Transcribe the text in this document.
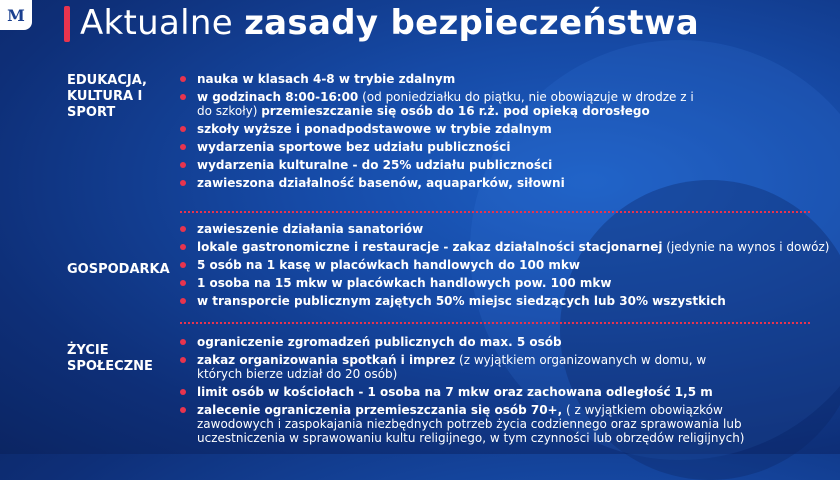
M Aktualne zasady bezpieczeństwa
EDUKACJA, KULTURA I SPORT
nauka w klasach 4-8 w trybie zdalnym
w godzinach 8:00-16:00 (od poniedziałku do piątku, nie obowiązuje w drodze z i do szkoły) przemieszczanie się osób do 16 r.ż. pod opieką dorosłego
szkoły wyższe i ponadpodstawowe w trybie zdalnym
wydarzenia sportowe bez udziału publiczności
wydarzenia kulturalne - do 25% udziału publiczności
zawieszona działalność basenów, aquaparków, siłowni
GOSPODARKA
zawieszenie działania sanatoriów
lokale gastronomiczne i restauracje - zakaz działalności stacjonarnej (jedynie na wynos i dowóz)
5 osób na 1 kasę w placówkach handlowych do 100 mkw
1 osoba na 15 mkw w placówkach handlowych pow. 100 mkw
w transporcie publicznym zajętych 50% miejsc siedzących lub 30% wszystkich
ŻYCIE SPOŁECZNE
ograniczenie zgromadzeń publicznych do max. 5 osób
zakaz organizowania spotkań i imprez (z wyjątkiem organizowanych w domu, w których bierze udział do 20 osób)
limit osób w kościołach - 1 osoba na 7 mkw oraz zachowana odległość 1,5 m
zalecenie ograniczenia przemieszczania się osób 70+, ( z wyjątkiem obowiązków zawodowych i zaspokajania niezbędnych potrzeb życia codziennego oraz sprawowania lub uczestniczenia w sprawowaniu kultu religijnego, w tym czynności lub obrzędów religijnych)
